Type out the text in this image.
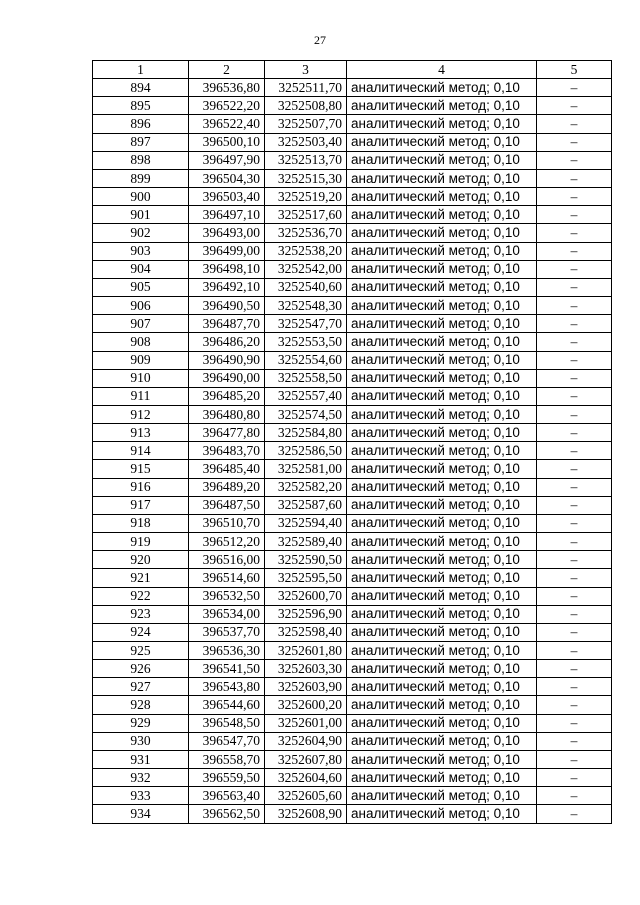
27
1	2	3	4	5
894	396536,80	3252511,70	аналитический метод; 0,10	–
895	396522,20	3252508,80	аналитический метод; 0,10	–
896	396522,40	3252507,70	аналитический метод; 0,10	–
897	396500,10	3252503,40	аналитический метод; 0,10	–
898	396497,90	3252513,70	аналитический метод; 0,10	–
899	396504,30	3252515,30	аналитический метод; 0,10	–
900	396503,40	3252519,20	аналитический метод; 0,10	–
901	396497,10	3252517,60	аналитический метод; 0,10	–
902	396493,00	3252536,70	аналитический метод; 0,10	–
903	396499,00	3252538,20	аналитический метод; 0,10	–
904	396498,10	3252542,00	аналитический метод; 0,10	–
905	396492,10	3252540,60	аналитический метод; 0,10	–
906	396490,50	3252548,30	аналитический метод; 0,10	–
907	396487,70	3252547,70	аналитический метод; 0,10	–
908	396486,20	3252553,50	аналитический метод; 0,10	–
909	396490,90	3252554,60	аналитический метод; 0,10	–
910	396490,00	3252558,50	аналитический метод; 0,10	–
911	396485,20	3252557,40	аналитический метод; 0,10	–
912	396480,80	3252574,50	аналитический метод; 0,10	–
913	396477,80	3252584,80	аналитический метод; 0,10	–
914	396483,70	3252586,50	аналитический метод; 0,10	–
915	396485,40	3252581,00	аналитический метод; 0,10	–
916	396489,20	3252582,20	аналитический метод; 0,10	–
917	396487,50	3252587,60	аналитический метод; 0,10	–
918	396510,70	3252594,40	аналитический метод; 0,10	–
919	396512,20	3252589,40	аналитический метод; 0,10	–
920	396516,00	3252590,50	аналитический метод; 0,10	–
921	396514,60	3252595,50	аналитический метод; 0,10	–
922	396532,50	3252600,70	аналитический метод; 0,10	–
923	396534,00	3252596,90	аналитический метод; 0,10	–
924	396537,70	3252598,40	аналитический метод; 0,10	–
925	396536,30	3252601,80	аналитический метод; 0,10	–
926	396541,50	3252603,30	аналитический метод; 0,10	–
927	396543,80	3252603,90	аналитический метод; 0,10	–
928	396544,60	3252600,20	аналитический метод; 0,10	–
929	396548,50	3252601,00	аналитический метод; 0,10	–
930	396547,70	3252604,90	аналитический метод; 0,10	–
931	396558,70	3252607,80	аналитический метод; 0,10	–
932	396559,50	3252604,60	аналитический метод; 0,10	–
933	396563,40	3252605,60	аналитический метод; 0,10	–
934	396562,50	3252608,90	аналитический метод; 0,10	–
